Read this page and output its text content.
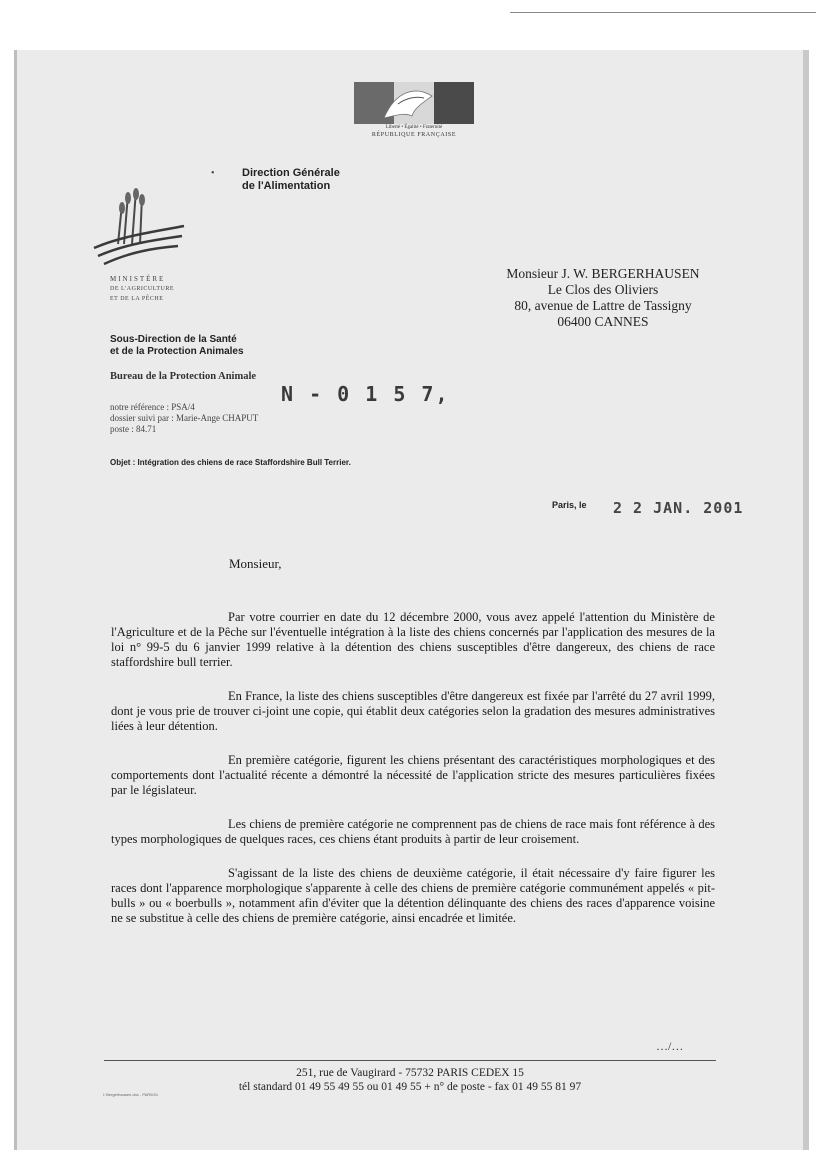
Liberté • Égalité • Fraternité
RÉPUBLIQUE FRANÇAISE
• Direction Générale
de l'Alimentation
MINISTÈRE
DE L'AGRICULTURE
ET DE LA PÊCHE
Sous-Direction de la Santé
et de la Protection Animales
Bureau de la Protection Animale
N - 0 1 5 7,
notre référence : PSA/4
dossier suivi par : Marie-Ange CHAPUT
poste : 84.71
Objet : Intégration des chiens de race Staffordshire Bull Terrier.
Monsieur J. W. BERGERHAUSEN
Le Clos des Oliviers
80, avenue de Lattre de Tassigny
06400 CANNES
Paris, le 2 2 JAN. 2001
Monsieur,

Par votre courrier en date du 12 décembre 2000, vous avez appelé l'attention du Ministère de l'Agriculture et de la Pêche sur l'éventuelle intégration à la liste des chiens concernés par l'application des mesures de la loi n° 99-5 du 6 janvier 1999 relative à la détention des chiens susceptibles d'être dangereux, des chiens de race staffordshire bull terrier.

En France, la liste des chiens susceptibles d'être dangereux est fixée par l'arrêté du 27 avril 1999, dont je vous prie de trouver ci-joint une copie, qui établit deux catégories selon la gradation des mesures administratives liées à leur détention.

En première catégorie, figurent les chiens présentant des caractéristiques morphologiques et des comportements dont l'actualité récente a démontré la nécessité de l'application stricte des mesures particulières fixées par le législateur.

Les chiens de première catégorie ne comprennent pas de chiens de race mais font référence à des types morphologiques de quelques races, ces chiens étant produits à partir de leur croisement.

S'agissant de la liste des chiens de deuxième catégorie, il était nécessaire d'y faire figurer les races dont l'apparence morphologique s'apparente à celle des chiens de première catégorie communément appelés « pit-bulls » ou « boerbulls », notamment afin d'éviter que la détention délinquante des chiens des races d'apparence voisine ne se substitue à celle des chiens de première catégorie, ainsi encadrée et limitée.

…/…
251, rue de Vaugirard - 75732 PARIS CEDEX 15
tél standard 01 49 55 49 55 ou 01 49 55 + n° de poste - fax 01 49 55 81 97
l: Bergerhausen.doc - PAR5/01
